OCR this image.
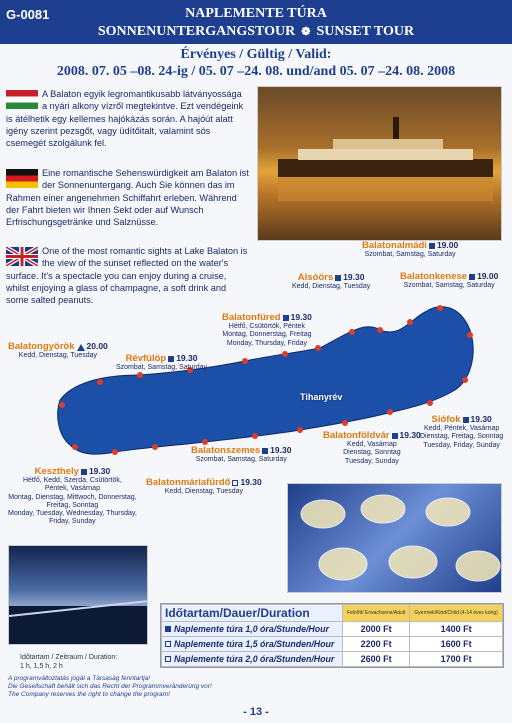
G-0081	NAPLEMENTE TÚRA
SONNENUNTERGANGSTOUR ❁ SUNSET TOUR
Érvényes / Gültig / Valid:
2008. 07. 05 –08. 24-ig / 05. 07 –24. 08. und/and 05. 07 –24. 08. 2008
A Balaton egyik legromantikusabb látványossága a nyári alkony vízről megtekintve. Ezt vendégeink is átélhetik egy kellemes hajókázás során. A hajóút alatt igény szerint pezsgőt, vagy üdítőitalt, valamint sós csemegét szolgálunk fel.
Eine romantische Sehenswürdigkeit am Balaton ist der Sonnenuntergang. Auch Sie können das im Rahmen einer angenehmen Schiffahrt erleben. Während der Fahrt bieten wir Ihnen Sekt oder auf Wunsch Erfrischungsgetränke und Salznüsse.
One of the most romantic sights at Lake Balaton is the view of the sunset reflected on the water's surface. It's a spectacle you can enjoy during a cruise, whilst enjoying a glass of champagne, a soft drink and some salted peanuts.
Tihanyrév
Balatonalmádi 19.00
Szombat, Samstag, Saturday
Balatonkenese 19.00
Szombat, Samstag, Saturday
Alsóörs 19.30
Kedd, Dienstag, Tuesday
Balatonfüred 19.30
Hétfő, Csütörtök, Péntek
Montag, Donnerstag, Freitag
Monday, Thursday, Friday
Balatongyörök 20.00
Kedd, Dienstag, Tuesday	Révfülöp 19.30
Szombat, Samstag, Saturday
Siófok 19.30
Kedd, Péntek, Vasárnap
Dienstag, Freitag, Sonntag
Tuesday, Friday, Sunday
Balatonföldvár 19.30
Kedd, Vasárnap
Dienstag, Sonntag
Tuesday, Sunday
Balatonszemes 19.30
Szombat, Samstag, Saturday
Keszthely 19.30
Hétfő, Kedd, Szerda, Csütörtök,
Péntek, Vasárnap
Montag, Dienstag, Mittwoch, Donnerstag,
Freitag, Sonntag
Monday, Tuesday, Wednesday, Thursday,
Friday, Sunday
Balatonmáriafürdő 19.30
Kedd, Dienstag, Tuesday
Időtartam/Dauer/Duration	Felnőtt/ Erwachsene/Adult	Gyermek/Kind/Child (4-14 éves korig)
Naplemente túra 1,0 óra/Stunde/Hour	2000 Ft	1400 Ft
Naplemente túra 1,5 óra/Stunden/Hour	2200 Ft	1600 Ft
Naplemente túra 2,0 óra/Stunden/Hour	2600 Ft	1700 Ft
Időtartam / Zeitraum / Duration:
1 h, 1,5 h, 2 h
A programváltoztatás jogát a Társaság fenntartja!
Die Gesellschaft behält sich das Recht der Programmveränderung vor!
The Company reserves the right to change the program!
- 13 -
